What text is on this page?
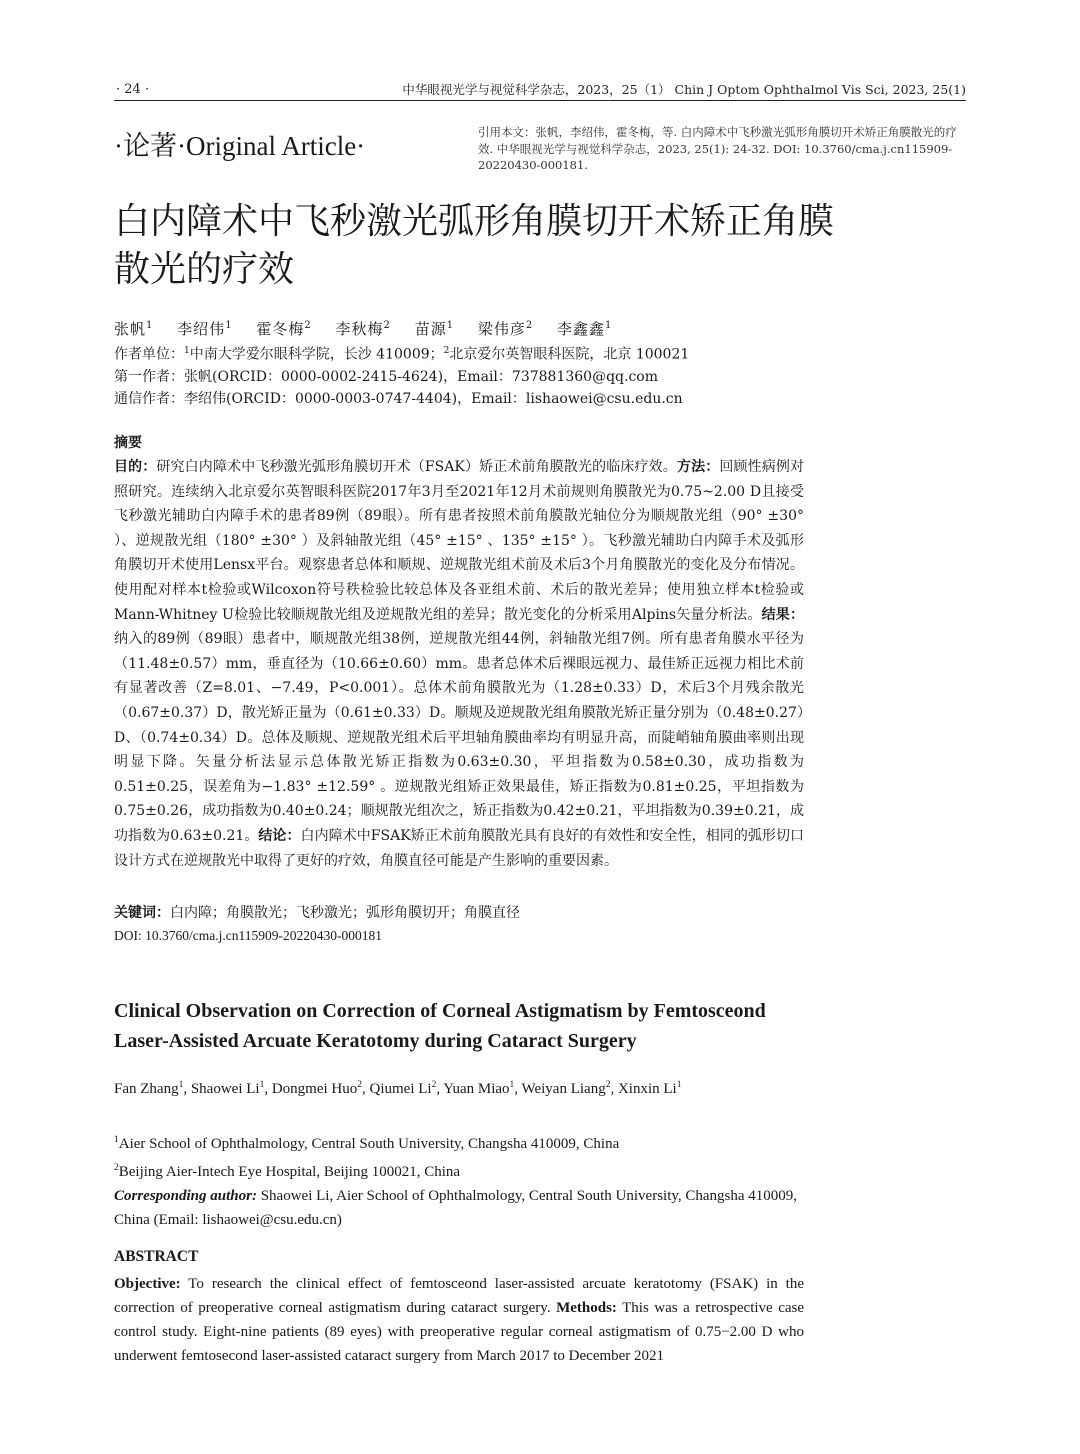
· 24 ·	中华眼视光学与视觉科学杂志，2023，25（1） Chin J Optom Ophthalmol Vis Sci, 2023, 25(1)
·论著·Original Article·	引用本文：张帆，李绍伟，霍冬梅，等. 白内障术中飞秒激光弧形角膜切开术矫正角膜散光的疗效. 中华眼视光学与视觉科学杂志，2023, 25(1): 24-32. DOI: 10.3760/cma.j.cn115909-20220430-000181.
白内障术中飞秒激光弧形角膜切开术矫正角膜散光的疗效
张帆$^1$ 李绍伟$^1$ 霍冬梅$^2$ 李秋梅$^2$ 苗源$^1$ 梁伟彦$^2$ 李鑫鑫$^1$
作者单位：$^1$中南大学爱尔眼科学院，长沙 410009；$^2$北京爱尔英智眼科医院，北京 100021
第一作者：张帆(ORCID：0000-0002-2415-4624)，Email：737881360@qq.com
通信作者：李绍伟(ORCID：0000-0003-0747-4404)，Email：lishaowei@csu.edu.cn
摘要
目的：研究白内障术中飞秒激光弧形角膜切开术（FSAK）矫正术前角膜散光的临床疗效。方法：回顾性病例对照研究。连续纳入北京爱尔英智眼科医院2017年3月至2021年12月术前规则角膜散光为0.75~2.00 D且接受飞秒激光辅助白内障手术的患者89例（89眼）。所有患者按照术前角膜散光轴位分为顺规散光组（90° ±30° ）、逆规散光组（180° ±30° ）及斜轴散光组（45° ±15° 、135° ±15° ）。飞秒激光辅助白内障手术及弧形角膜切开术使用Lensx平台。观察患者总体和顺规、逆规散光组术前及术后3个月角膜散光的变化及分布情况。使用配对样本t检验或Wilcoxon符号秩检验比较总体及各亚组术前、术后的散光差异；使用独立样本t检验或Mann-Whitney U检验比较顺规散光组及逆规散光组的差异；散光变化的分析采用Alpins矢量分析法。结果：纳入的89例（89眼）患者中，顺规散光组38例，逆规散光组44例，斜轴散光组7例。所有患者角膜水平径为（11.48±0.57）mm，垂直径为（10.66±0.60）mm。患者总体术后裸眼远视力、最佳矫正远视力相比术前有显著改善（Z=8.01、−7.49，P<0.001）。总体术前角膜散光为（1.28±0.33）D，术后3个月残余散光（0.67±0.37）D，散光矫正量为（0.61±0.33）D。顺规及逆规散光组角膜散光矫正量分别为（0.48±0.27）D、（0.74±0.34）D。总体及顺规、逆规散光组术后平坦轴角膜曲率均有明显升高，而陡峭轴角膜曲率则出现明显下降。矢量分析法显示总体散光矫正指数为0.63±0.30，平坦指数为0.58±0.30，成功指数为0.51±0.25，误差角为−1.83° ±12.59° 。逆规散光组矫正效果最佳，矫正指数为0.81±0.25，平坦指数为0.75±0.26，成功指数为0.40±0.24；顺规散光组次之，矫正指数为0.42±0.21，平坦指数为0.39±0.21，成功指数为0.63±0.21。结论：白内障术中FSAK矫正术前角膜散光具有良好的有效性和安全性，相同的弧形切口设计方式在逆规散光中取得了更好的疗效，角膜直径可能是产生影响的重要因素。
关键词：白内障；角膜散光；飞秒激光；弧形角膜切开；角膜直径
DOI: 10.3760/cma.j.cn115909-20220430-000181
Clinical Observation on Correction of Corneal Astigmatism by Femtosceond Laser-Assisted Arcuate Keratotomy during Cataract Surgery
Fan Zhang$^1$, Shaowei Li$^1$, Dongmei Huo$^2$, Qiumei Li$^2$, Yuan Miao$^1$, Weiyan Liang$^2$, Xinxin Li$^1$
$^1$Aier School of Ophthalmology, Central South University, Changsha 410009, China
$^2$Beijing Aier-Intech Eye Hospital, Beijing 100021, China
Corresponding author: Shaowei Li, Aier School of Ophthalmology, Central South University, Changsha 410009, China (Email: lishaowei@csu.edu.cn)
ABSTRACT
Objective: To research the clinical effect of femtosceond laser-assisted arcuate keratotomy (FSAK) in the correction of preoperative corneal astigmatism during cataract surgery. Methods: This was a retrospective case control study. Eight-nine patients (89 eyes) with preoperative regular corneal astigmatism of 0.75−2.00 D who underwent femtosecond laser-assisted cataract surgery from March 2017 to December 2021
